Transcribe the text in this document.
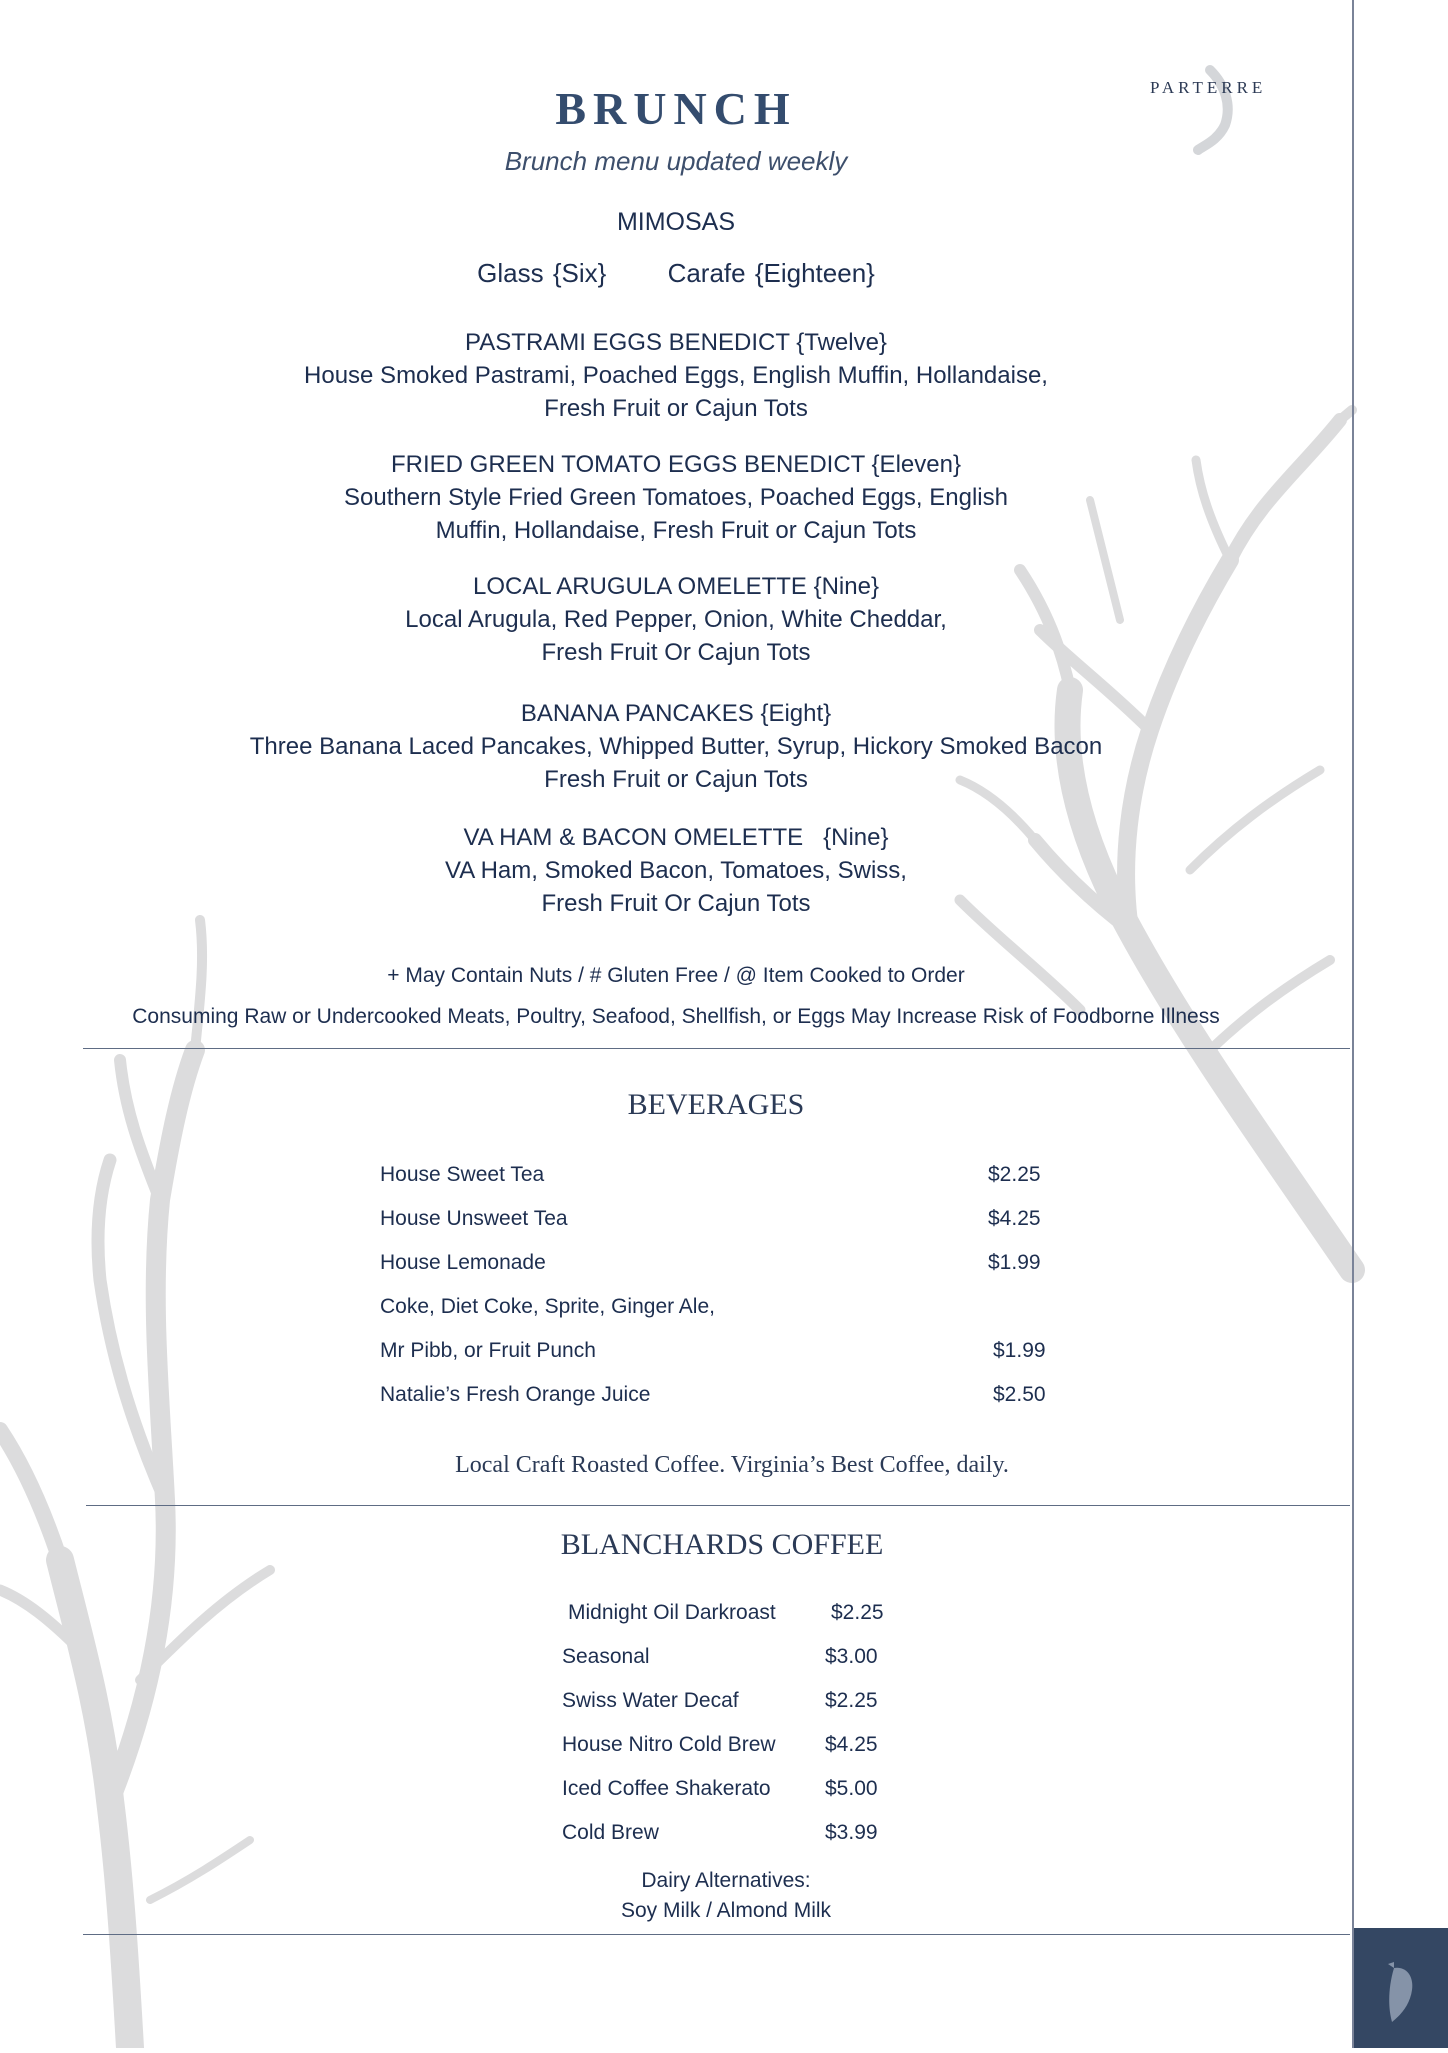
PARTERRE
BRUNCH
Brunch menu updated weekly
MIMOSAS
Glass {Six} Carafe {Eighteen}
PASTRAMI EGGS BENEDICT {Twelve}
House Smoked Pastrami, Poached Eggs, English Muffin, Hollandaise,
Fresh Fruit or Cajun Tots
FRIED GREEN TOMATO EGGS BENEDICT {Eleven}
Southern Style Fried Green Tomatoes, Poached Eggs, English
Muffin, Hollandaise, Fresh Fruit or Cajun Tots
LOCAL ARUGULA OMELETTE {Nine}
Local Arugula, Red Pepper, Onion, White Cheddar,
Fresh Fruit Or Cajun Tots
BANANA PANCAKES {Eight}
Three Banana Laced Pancakes, Whipped Butter, Syrup, Hickory Smoked Bacon
Fresh Fruit or Cajun Tots
VA HAM & BACON OMELETTE   {Nine}
VA Ham, Smoked Bacon, Tomatoes, Swiss,
Fresh Fruit Or Cajun Tots
+ May Contain Nuts / # Gluten Free / @ Item Cooked to Order
Consuming Raw or Undercooked Meats, Poultry, Seafood, Shellfish, or Eggs May Increase Risk of Foodborne Illness
BEVERAGES
House Sweet Tea	$2.25
House Unsweet Tea	$4.25
House Lemonade	$1.99
Coke, Diet Coke, Sprite, Ginger Ale,
Mr Pibb, or Fruit Punch	$1.99
Natalie’s Fresh Orange Juice	$2.50
Local Craft Roasted Coffee. Virginia’s Best Coffee, daily.
BLANCHARDS COFFEE
Midnight Oil Darkroast	$2.25
Seasonal	$3.00
Swiss Water Decaf	$2.25
House Nitro Cold Brew $4.25
Iced Coffee Shakerato	$5.00
Cold Brew	$3.99
Dairy Alternatives:
Soy Milk / Almond Milk
